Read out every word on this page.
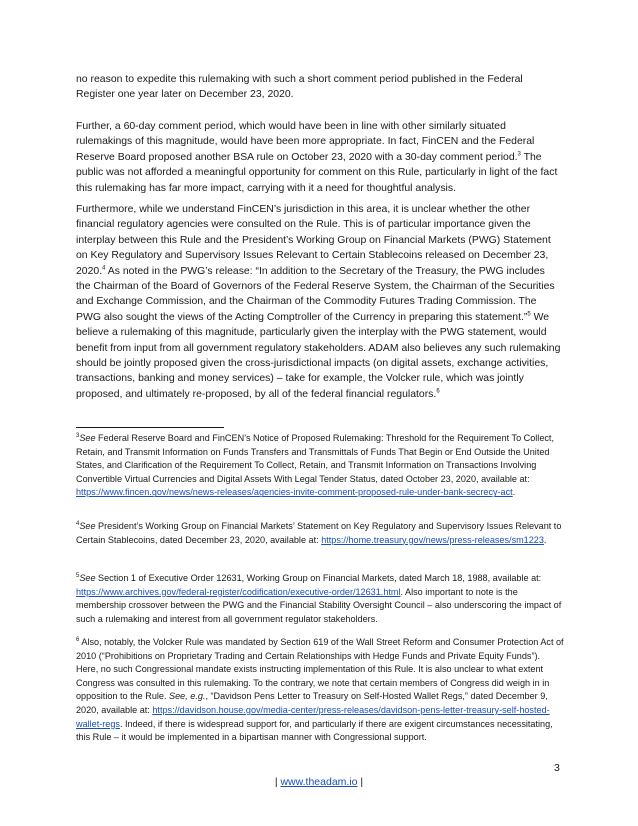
no reason to expedite this rulemaking with such a short comment period published in the Federal Register one year later on December 23, 2020.

Further, a 60-day comment period, which would have been in line with other similarly situated rulemakings of this magnitude, would have been more appropriate. In fact, FinCEN and the Federal Reserve Board proposed another BSA rule on October 23, 2020 with a 30-day comment period.$^3$ The public was not afforded a meaningful opportunity for comment on this Rule, particularly in light of the fact this rulemaking has far more impact, carrying with it a need for thoughtful analysis.

Furthermore, while we understand FinCEN’s jurisdiction in this area, it is unclear whether the other financial regulatory agencies were consulted on the Rule. This is of particular importance given the interplay between this Rule and the President’s Working Group on Financial Markets (PWG) Statement on Key Regulatory and Supervisory Issues Relevant to Certain Stablecoins released on December 23, 2020.$^4$ As noted in the PWG’s release: “In addition to the Secretary of the Treasury, the PWG includes the Chairman of the Board of Governors of the Federal Reserve System, the Chairman of the Securities and Exchange Commission, and the Chairman of the Commodity Futures Trading Commission. The PWG also sought the views of the Acting Comptroller of the Currency in preparing this statement.”$^5$ We believe a rulemaking of this magnitude, particularly given the interplay with the PWG statement, would benefit from input from all government regulatory stakeholders. ADAM also believes any such rulemaking should be jointly proposed given the cross-jurisdictional impacts (on digital assets, exchange activities, transactions, banking and money services) – take for example, the Volcker rule, which was jointly proposed, and ultimately re-proposed, by all of the federal financial regulators.$^6$

$^3$See Federal Reserve Board and FinCEN’s Notice of Proposed Rulemaking: Threshold for the Requirement To Collect, Retain, and Transmit Information on Funds Transfers and Transmittals of Funds That Begin or End Outside the United States, and Clarification of the Requirement To Collect, Retain, and Transmit Information on Transactions Involving Convertible Virtual Currencies and Digital Assets With Legal Tender Status, dated October 23, 2020, available at: https://www.fincen.gov/news/news-releases/agencies-invite-comment-proposed-rule-under-bank-secrecy-act.

$^4$See President’s Working Group on Financial Markets’ Statement on Key Regulatory and Supervisory Issues Relevant to Certain Stablecoins, dated December 23, 2020, available at: https://home.treasury.gov/news/press-releases/sm1223.

$^5$See Section 1 of Executive Order 12631, Working Group on Financial Markets, dated March 18, 1988, available at: https://www.archives.gov/federal-register/codification/executive-order/12631.html. Also important to note is the membership crossover between the PWG and the Financial Stability Oversight Council – also underscoring the impact of such a rulemaking and interest from all government regulator stakeholders.

$^6$ Also, notably, the Volcker Rule was mandated by Section 619 of the Wall Street Reform and Consumer Protection Act of 2010 (“Prohibitions on Proprietary Trading and Certain Relationships with Hedge Funds and Private Equity Funds”). Here, no such Congressional mandate exists instructing implementation of this Rule. It is also unclear to what extent Congress was consulted in this rulemaking. To the contrary, we note that certain members of Congress did weigh in in opposition to the Rule. See, e.g., “Davidson Pens Letter to Treasury on Self-Hosted Wallet Regs,” dated December 9, 2020, available at: https://davidson.house.gov/media-center/press-releases/davidson-pens-letter-treasury-self-hosted-wallet-regs. Indeed, if there is widespread support for, and particularly if there are exigent circumstances necessitating, this Rule – it would be implemented in a bipartisan manner with Congressional support.

3
| www.theadam.io |
